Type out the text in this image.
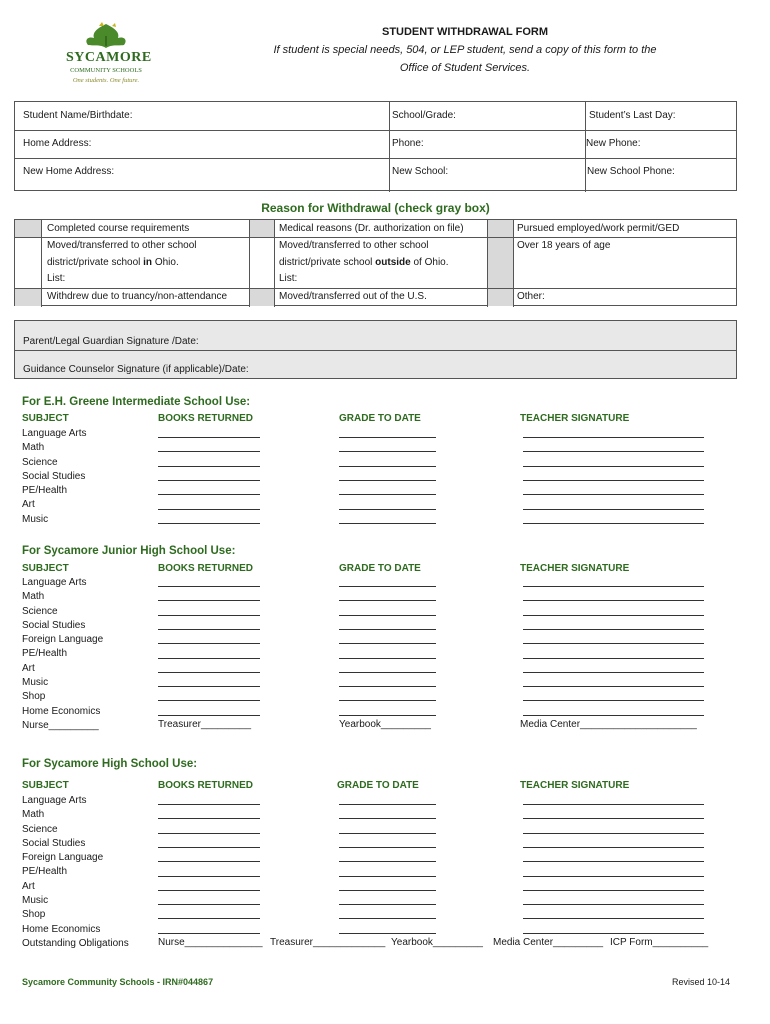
SYCAMORE
COMMUNITY SCHOOLS
One students. One future.
STUDENT WITHDRAWAL FORM
If student is special needs, 504, or LEP student, send a copy of this form to the
Office of Student Services.
Student Name/Birthdate:	School/Grade:	Student’s Last Day:
Home Address:	Phone:	New Phone:
New Home Address:	New School:	New School Phone:
Reason for Withdrawal (check gray box)
Completed course requirements
Moved/transferred to other school
district/private school in Ohio.
List:
Withdrew due to truancy/non-attendance
Medical reasons (Dr. authorization on file)
Moved/transferred to other school
district/private school outside of Ohio.
List:
Moved/transferred out of the U.S.
Pursued employed/work permit/GED
Over 18 years of age
Other:
Parent/Legal Guardian Signature /Date:
Guidance Counselor Signature (if applicable)/Date:
For E.H. Greene Intermediate School Use:
SUBJECT	BOOKS RETURNED	GRADE TO DATE	TEACHER SIGNATURE
Language Arts
Math
Science
Social Studies
PE/Health
Art
Music
For Sycamore Junior High School Use:
SUBJECT	BOOKS RETURNED	GRADE TO DATE	TEACHER SIGNATURE
Language Arts
Math
Science
Social Studies
Foreign Language
PE/Health
Art
Music
Shop
Home Economics
Nurse_________	Treasurer_________	Yearbook_________	Media Center_____________________
For Sycamore High School Use:
SUBJECT	BOOKS RETURNED	GRADE TO DATE	TEACHER SIGNATURE
Language Arts
Math
Science
Social Studies
Foreign Language
PE/Health
Art
Music
Shop
Home Economics
Outstanding Obligations	Nurse______________ Treasurer_____________ Yearbook_________ Media Center_________ ICP Form__________
Sycamore Community Schools - IRN#044867	Revised 10-14
